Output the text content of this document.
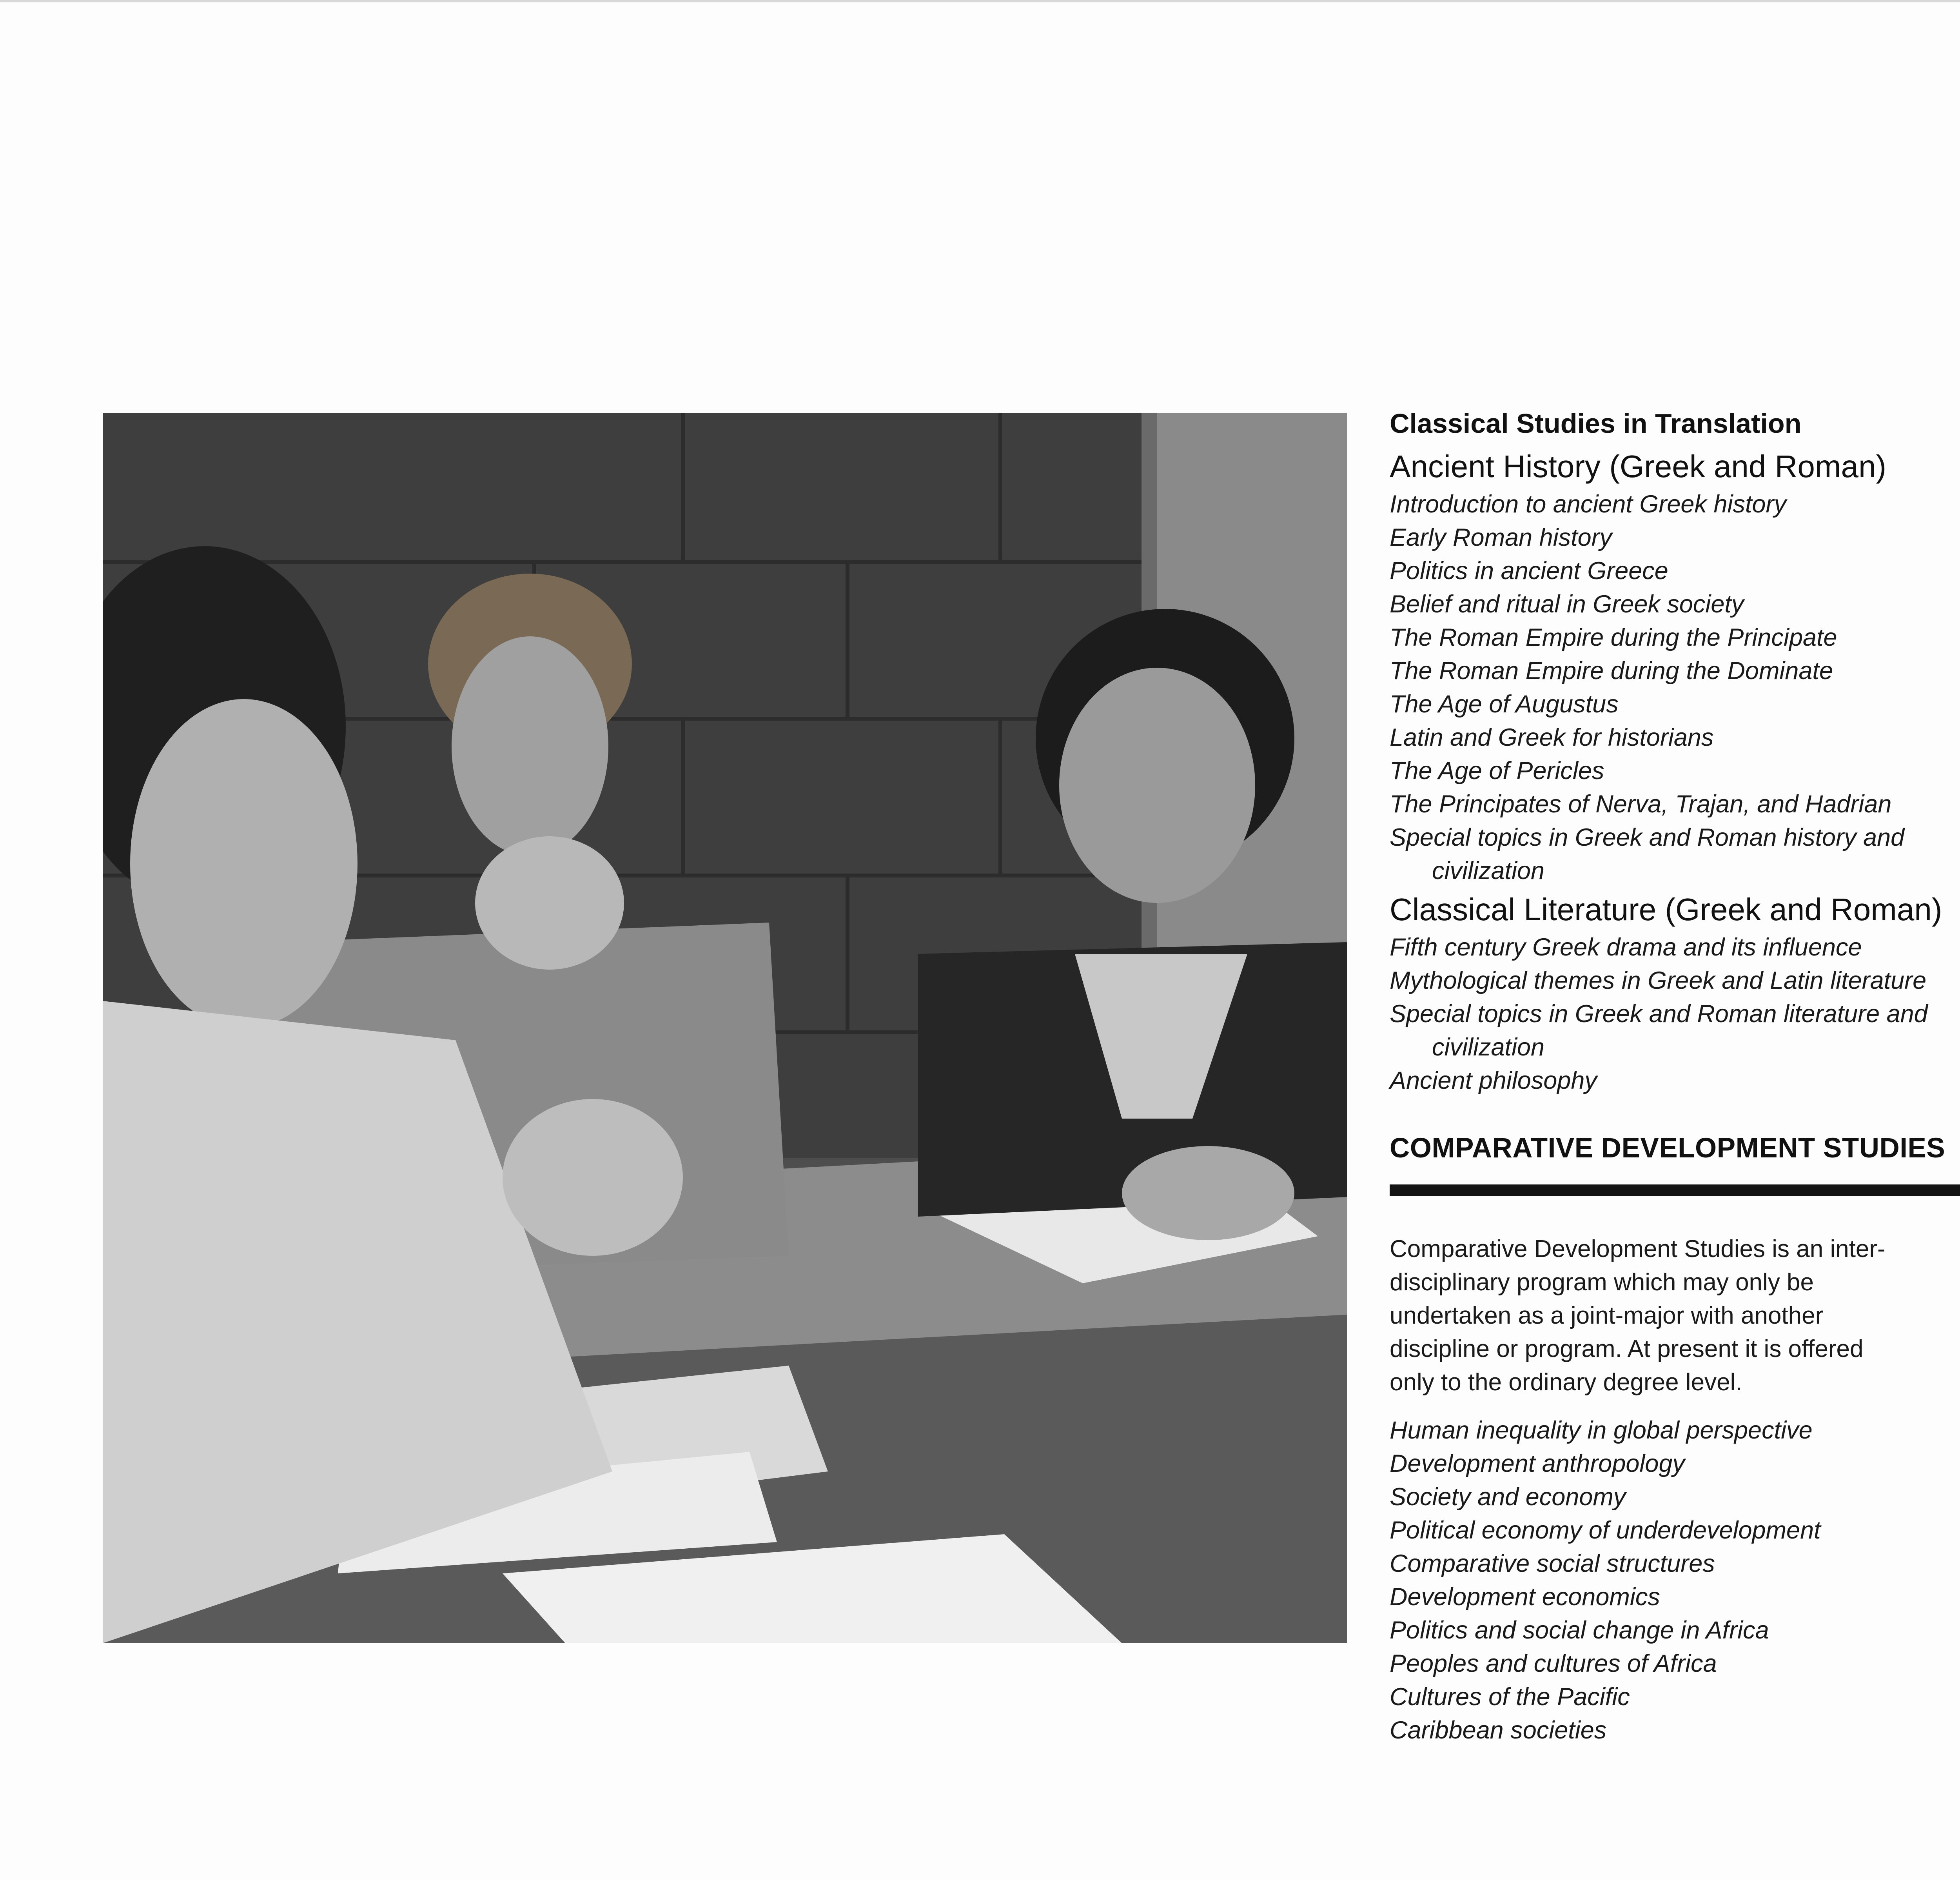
Classical Studies in Translation
Ancient History (Greek and Roman)
Introduction to ancient Greek history
Early Roman history
Politics in ancient Greece
Belief and ritual in Greek society
The Roman Empire during the Principate
The Roman Empire during the Dominate
The Age of Augustus
Latin and Greek for historians
The Age of Pericles
The Principates of Nerva, Trajan, and Hadrian
Special topics in Greek and Roman history and civilization
Classical Literature (Greek and Roman)
Fifth century Greek drama and its influence
Mythological themes in Greek and Latin literature
Special topics in Greek and Roman literature and civilization
Ancient philosophy
COMPARATIVE DEVELOPMENT STUDIES

Comparative Development Studies is an inter-
disciplinary program which may only be
undertaken as a joint-major with another
discipline or program. At present it is offered
only to the ordinary degree level.

Human inequality in global perspective
Development anthropology
Society and economy
Political economy of underdevelopment
Comparative social structures
Development economics
Politics and social change in Africa
Peoples and cultures of Africa
Cultures of the Pacific
Caribbean societies
